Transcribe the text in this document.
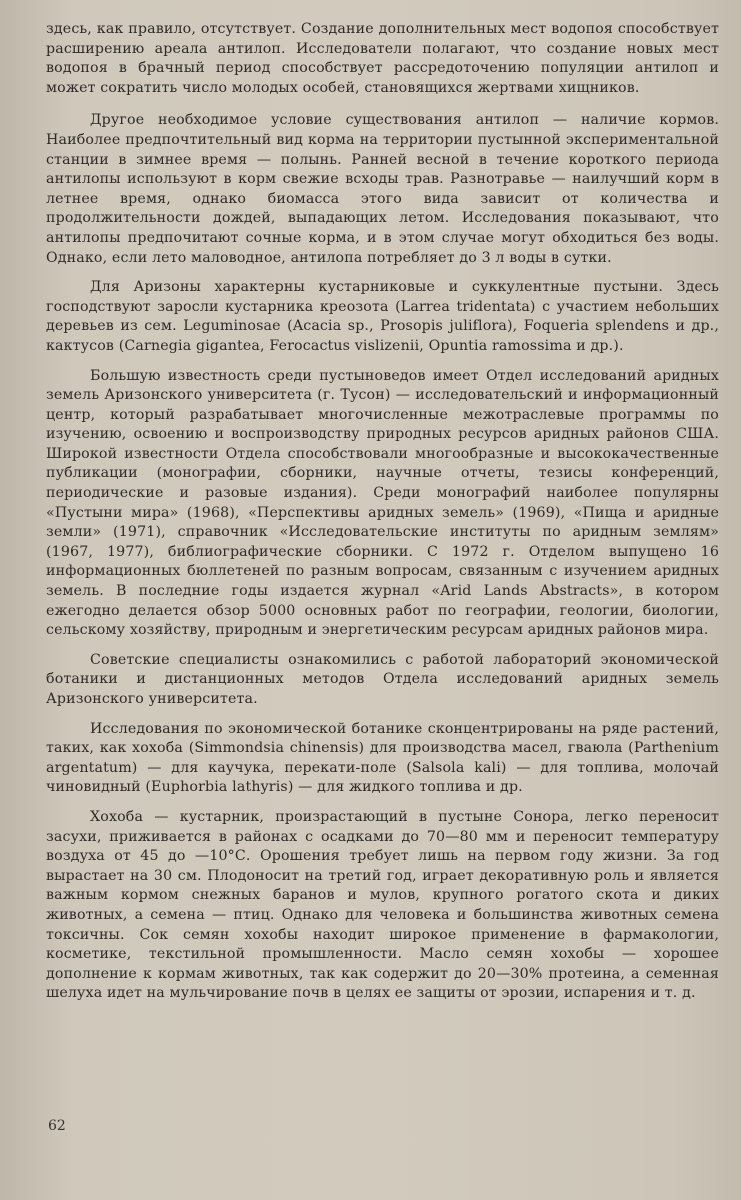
здесь, как правило, отсутствует. Создание дополнительных мест водопоя способствует расширению ареала антилоп. Исследователи полагают, что создание новых мест водопоя в брачный период способствует рассредоточению популяции антилоп и может сократить число молодых особей, становящихся жертвами хищников.

Другое необходимое условие существования антилоп — наличие кормов. Наиболее предпочтительный вид корма на территории пустынной экспериментальной станции в зимнее время — полынь. Ранней весной в течение короткого периода антилопы используют в корм свежие всходы трав. Разнотравье — наилучший корм в летнее время, однако биомасса этого вида зависит от количества и продолжительности дождей, выпадающих летом. Исследования показывают, что антилопы предпочитают сочные корма, и в этом случае могут обходиться без воды. Однако, если лето маловодное, антилопа потребляет до 3 л воды в сутки.

Для Аризоны характерны кустарниковые и суккулентные пустыни. Здесь господствуют заросли кустарника креозота (Larrea tridentata) с участием небольших деревьев из сем. Leguminosae (Acacia sp., Prosopis juliflora), Foqueria splendens и др., кактусов (Carnegia gigantea, Ferocactus vislizenii, Opuntia ramossima и др.).

Большую известность среди пустыноведов имеет Отдел исследований аридных земель Аризонского университета (г. Тусон) — исследовательский и информационный центр, который разрабатывает многочисленные межотраслевые программы по изучению, освоению и воспроизводству природных ресурсов аридных районов США. Широкой известности Отдела способствовали многообразные и высококачественные публикации (монографии, сборники, научные отчеты, тезисы конференций, периодические и разовые издания). Среди монографий наиболее популярны «Пустыни мира» (1968), «Перспективы аридных земель» (1969), «Пища и аридные земли» (1971), справочник «Исследовательские институты по аридным землям» (1967, 1977), библиографические сборники. С 1972 г. Отделом выпущено 16 информационных бюллетеней по разным вопросам, связанным с изучением аридных земель. В последние годы издается журнал «Arid Lands Abstracts», в котором ежегодно делается обзор 5000 основных работ по географии, геологии, биологии, сельскому хозяйству, природным и энергетическим ресурсам аридных районов мира.

Советские специалисты ознакомились с работой лабораторий экономической ботаники и дистанционных методов Отдела исследований аридных земель Аризонского университета.

Исследования по экономической ботанике сконцентрированы на ряде растений, таких, как хохоба (Simmondsia chinensis) для производства масел, гваюла (Parthenium argentatum) — для каучука, перекати-поле (Salsola kali) — для топлива, молочай чиновидный (Euphorbia lathyris) — для жидкого топлива и др.

Хохоба — кустарник, произрастающий в пустыне Сонора, легко переносит засухи, приживается в районах с осадками до 70—80 мм и переносит температуру воздуха от 45 до —10°С. Орошения требует лишь на первом году жизни. За год вырастает на 30 см. Плодоносит на третий год, играет декоративную роль и является важным кормом снежных баранов и мулов, крупного рогатого скота и диких животных, а семена — птиц. Однако для человека и большинства животных семена токсичны. Сок семян хохобы находит широкое применение в фармакологии, косметике, текстильной промышленности. Масло семян хохобы — хорошее дополнение к кормам животных, так как содержит до 20—30% протеина, а семенная шелуха идет на мульчирование почв в целях ее защиты от эрозии, испарения и т. д.

62
